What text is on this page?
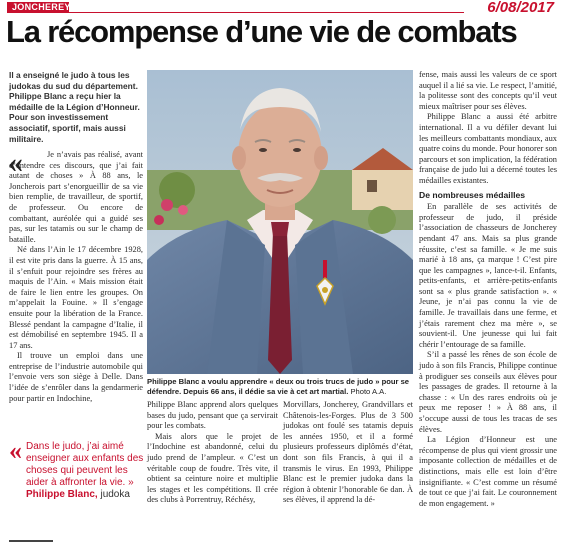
JONCHEREY	6/08/2017
La récompense d’une vie de combats
Il a enseigné le judo à tous les judokas du sud du département. Philippe Blanc a reçu hier la médaille de la Légion d’Honneur. Pour son investissement associatif, sportif, mais aussi militaire.
«	Je n’avais pas réalisé, avant d’entendre ces discours, que j’ai fait autant de choses » À 88 ans, le Joncherois part s’enorgueillir de sa vie bien remplie, de travailleur, de sportif, de professeur. Ou encore de combattant, auréolée qui a guidé ses pas, sur les tatamis ou sur le champ de bataille.

Né dans l’Ain le 17 décembre 1928, il est vite pris dans la guerre. À 15 ans, il s’enfuit pour rejoindre ses frères au maquis de l’Ain. « Mais mission était de faire le lien entre les groupes. On m’appelait la Fouine. » Il s’engage ensuite pour la libération de la France. Blessé pendant la campagne d’Italie, il est démobilisé en septembre 1945. Il a 17 ans.

Il trouve un emploi dans une entreprise de l’industrie automobile qui l’envoie vers son siège à Delle. Dans l’idée de s’enrôler dans la gendarmerie pour partir en Indochine,

« Dans le judo, j’ai aimé enseigner aux enfants des choses qui peuvent les aider à affronter la vie. » Philippe Blanc, judoka
Philippe Blanc a voulu apprendre « deux ou trois trucs de judo » pour se défendre. Depuis 66 ans, il dédie sa vie à cet art martial. Photo A.A.

Philippe Blanc apprend alors quelques bases du judo, pensant que ça servirait pour les combats.

Mais alors que le projet de l’Indochine est abandonné, celui du judo prend de l’ampleur. « C’est un véritable coup de foudre. Très vite, il obtient sa ceinture noire et multiplie les stages et les compétitions. Il crée des clubs à Porrentruy, Réchésy,

Morvillars, Joncherey, Grandvillars et Châtenois-les-Forges. Plus de 3 500 judokas ont foulé ses tatamis depuis les années 1950, et il a formé plusieurs professeurs diplômés d’état, dont son fils Francis, à qui il a transmis le virus. En 1993, Philippe Blanc est le premier judoka dans la région à obtenir l’honorable 6e dan. À ses élèves, il apprend la dé-

fense, mais aussi les valeurs de ce sport auquel il a lié sa vie. Le respect, l’amitié, la politesse sont des concepts qu’il veut mieux maîtriser pour ses élèves.

Philippe Blanc a aussi été arbitre international. Il a vu défiler devant lui les meilleurs combattants mondiaux, aux quatre coins du monde. Pour honorer son parcours et son implication, la fédération française de judo lui a décerné toutes les médailles existantes.

De nombreuses médailles

En parallèle de ses activités de professeur de judo, il préside l’association de chasseurs de Joncherey pendant 47 ans. Mais sa plus grande réussite, c’est sa famille. « Je me suis marié à 18 ans, ça marque ! C’est pire que les campagnes », lance-t-il. Enfants, petits-enfants, et arrière-petits-enfants sont sa « plus grande satisfaction ». « Jeune, je n’ai pas connu la vie de famille. Je travaillais dans une ferme, et j’étais rarement chez ma mère », se souvient-il. Une jeunesse qui lui fait chérir l’entourage de sa famille.

S’il a passé les rênes de son école de judo à son fils Francis, Philippe continue à prodiguer ses conseils aux élèves pour les passages de grades. Il retourne à la chasse : « Un des rares endroits où je peux me reposer ! » À 88 ans, il s’occupe aussi de tous les tracas de ses élèves.

La Légion d’Honneur est une récompense de plus qui vient grossir une imposante collection de médailles et de distinctions, mais elle est loin d’être insignifiante. « C’est comme un résumé de tout ce que j’ai fait. Le couronnement de mon engagement. »
